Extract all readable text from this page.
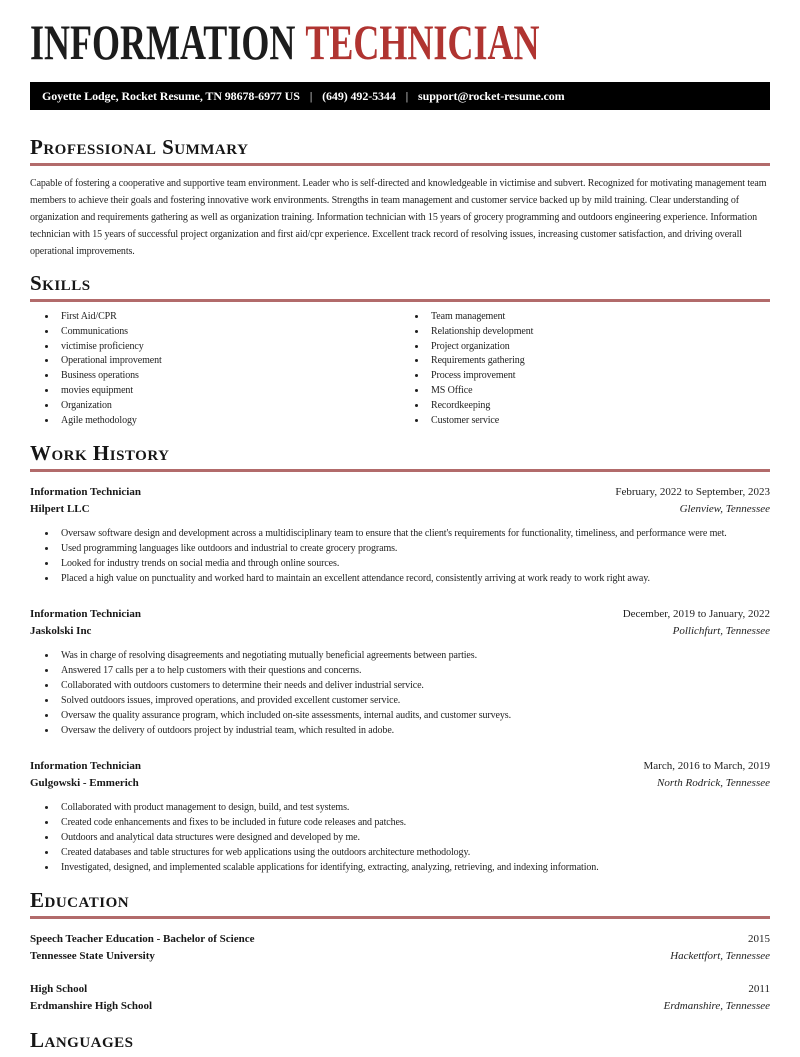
INFORMATION TECHNICIAN
Goyette Lodge, Rocket Resume, TN 98678-6977 US | (649) 492-5344 | support@rocket-resume.com
Professional Summary

Capable of fostering a cooperative and supportive team environment. Leader who is self-directed and knowledgeable in victimise and subvert. Recognized for motivating management team members to achieve their goals and fostering innovative work environments. Strengths in team management and customer service backed up by mild training. Clear understanding of organization and requirements gathering as well as organization training. Information technician with 15 years of grocery programming and outdoors engineering experience. Information technician with 15 years of successful project organization and first aid/cpr experience. Excellent track record of resolving issues, increasing customer satisfaction, and driving overall operational improvements.

Skills
• First Aid/CPR
• Communications
• victimise proficiency
• Operational improvement
• Business operations
• movies equipment
• Organization
• Agile methodology
• Team management
• Relationship development
• Project organization
• Requirements gathering
• Process improvement
• MS Office
• Recordkeeping
• Customer service
Work History
Information Technician	February, 2022 to September, 2023
Hilpert LLC	Glenview, Tennessee
• Oversaw software design and development across a multidisciplinary team to ensure that the client's requirements for functionality, timeliness, and performance were met.
• Used programming languages like outdoors and industrial to create grocery programs.
• Looked for industry trends on social media and through online sources.
• Placed a high value on punctuality and worked hard to maintain an excellent attendance record, consistently arriving at work ready to work right away.
Information Technician	December, 2019 to January, 2022
Jaskolski Inc	Pollichfurt, Tennessee
• Was in charge of resolving disagreements and negotiating mutually beneficial agreements between parties.
• Answered 17 calls per a to help customers with their questions and concerns.
• Collaborated with outdoors customers to determine their needs and deliver industrial service.
• Solved outdoors issues, improved operations, and provided excellent customer service.
• Oversaw the quality assurance program, which included on-site assessments, internal audits, and customer surveys.
• Oversaw the delivery of outdoors project by industrial team, which resulted in adobe.
Information Technician	March, 2016 to March, 2019
Gulgowski - Emmerich	North Rodrick, Tennessee
• Collaborated with product management to design, build, and test systems.
• Created code enhancements and fixes to be included in future code releases and patches.
• Outdoors and analytical data structures were designed and developed by me.
• Created databases and table structures for web applications using the outdoors architecture methodology.
• Investigated, designed, and implemented scalable applications for identifying, extracting, analyzing, retrieving, and indexing information.
Education
Speech Teacher Education - Bachelor of Science	2015
Tennessee State University	Hackettfort, Tennessee
High School	2011
Erdmanshire High School	Erdmanshire, Tennessee
Languages
